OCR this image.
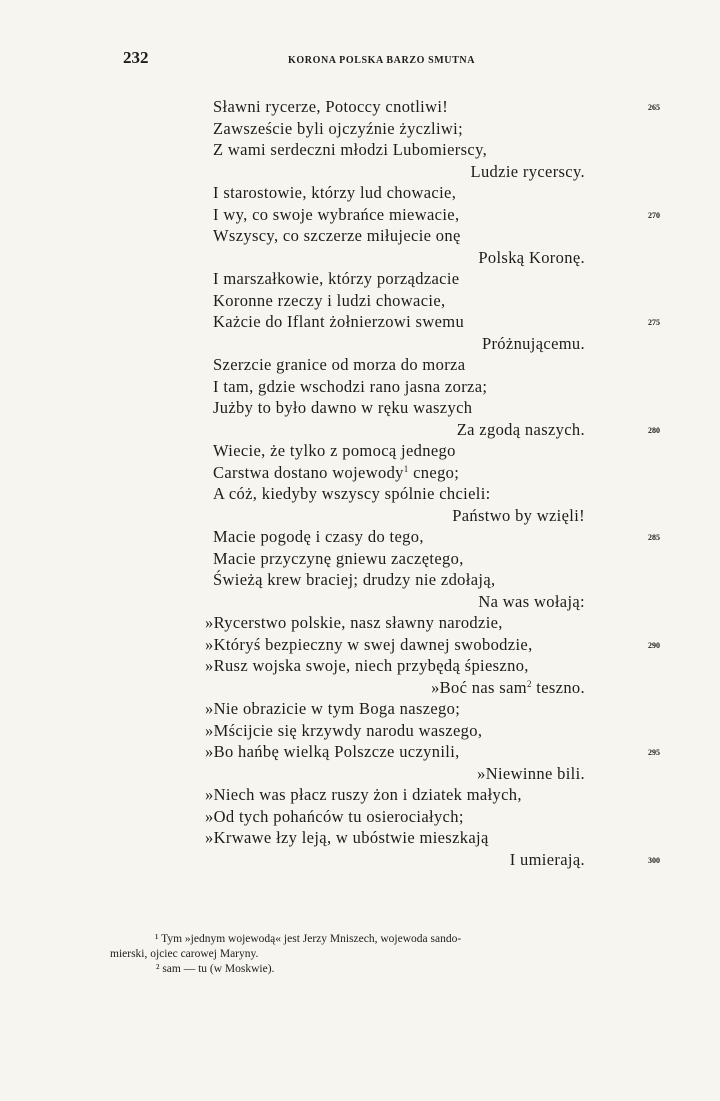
232	KORONA POLSKA BARZO SMUTNA
Sławni rycerze, Potoccy cnotliwi!	265
Zawszeście byli ojczyźnie życzliwi;
Z wami serdeczni młodzi Lubomierscy,
Ludzie rycerscy.
I starostowie, którzy lud chowacie,
I wy, co swoje wybrańce miewacie,	270
Wszyscy, co szczerze miłujecie onę
Polską Koronę.
I marszałkowie, którzy porządzacie
Koronne rzeczy i ludzi chowacie,
Każcie do Iflant żołnierzowi swemu	275
Próżnującemu.
Szerzcie granice od morza do morza
I tam, gdzie wschodzi rano jasna zorza;
Jużby to było dawno w ręku waszych
Za zgodą naszych.	280
Wiecie, że tylko z pomocą jednego
Carstwa dostano wojewody$^1$ cnego;
A cóż, kiedyby wszyscy spólnie chcieli:
Państwo by wzięli!
Macie pogodę i czasy do tego,	285
Macie przyczynę gniewu zaczętego,
Świeżą krew braciej; drudzy nie zdołają,
Na was wołają:
»Rycerstwo polskie, nasz sławny narodzie,
»Któryś bezpieczny w swej dawnej swobodzie,	290
»Rusz wojska swoje, niech przybędą śpieszno,
»Boć nas sam$^2$ teszno.
»Nie obrazicie w tym Boga naszego;
»Mścijcie się krzywdy narodu waszego,
»Bo hańbę wielką Polszcze uczynili,	295
»Niewinne bili.
»Niech was płacz ruszy żon i dziatek małych,
»Od tych pohańców tu osierociałych;
»Krwawe łzy leją, w ubóstwie mieszkają
I umierają.	300
¹ Tym »jednym wojewodą« jest Jerzy Mniszech, wojewoda sando-
mierski, ojciec carowej Maryny.
² sam — tu (w Moskwie).
